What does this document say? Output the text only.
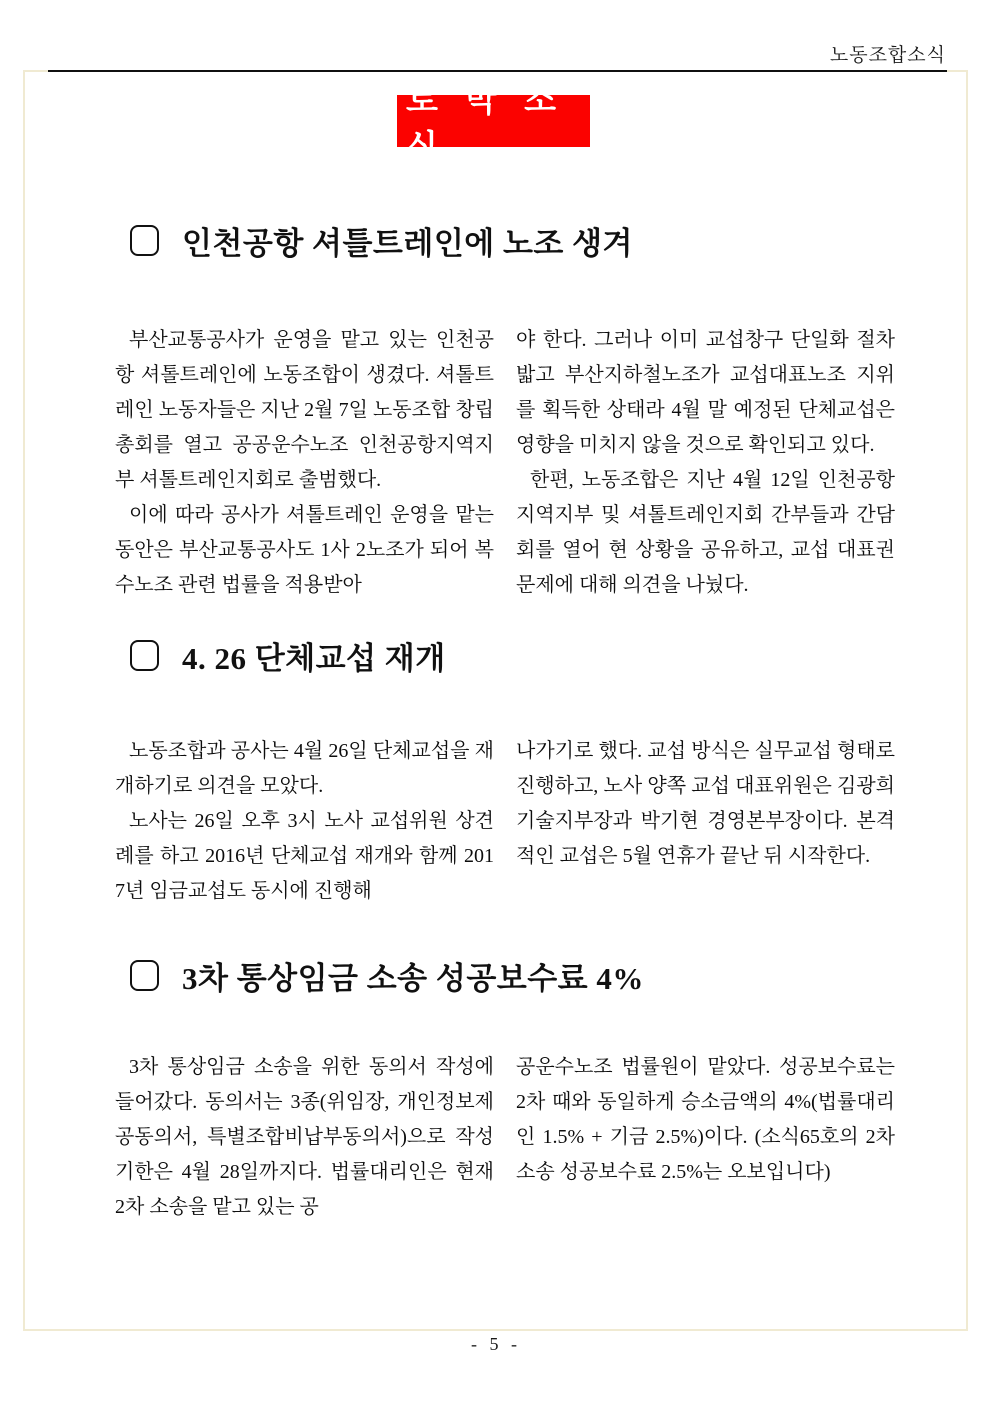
노동조합소식
토 막 소 식
인천공항 셔틀트레인에 노조 생겨

부산교통공사가 운영을 맡고 있는 인천공항 셔톨트레인에 노동조합이 생겼다. 셔톨트레인 노동자들은 지난 2월 7일 노동조합 창립총회를 열고 공공운수노조 인천공항지역지부 셔톨트레인지회로 출범했다.

이에 따라 공사가 셔톨트레인 운영을 맡는 동안은 부산교통공사도 1사 2노조가 되어 복수노조 관련 법률을 적용받아

야 한다. 그러나 이미 교섭창구 단일화 절차 밟고 부산지하철노조가 교섭대표노조 지위를 획득한 상태라 4월 말 예정된 단체교섭은 영향을 미치지 않을 것으로 확인되고 있다.

한편, 노동조합은 지난 4월 12일 인천공항지역지부 및 셔톨트레인지회 간부들과 간담회를 열어 현 상황을 공유하고, 교섭 대표권 문제에 대해 의견을 나눴다.

4. 26 단체교섭 재개

노동조합과 공사는 4월 26일 단체교섭을 재개하기로 의견을 모았다.

노사는 26일 오후 3시 노사 교섭위원 상견례를 하고 2016년 단체교섭 재개와 함께 2017년 임금교섭도 동시에 진행해

나가기로 했다. 교섭 방식은 실무교섭 형태로 진행하고, 노사 양쪽 교섭 대표위원은 김광희 기술지부장과 박기현 경영본부장이다. 본격적인 교섭은 5월 연휴가 끝난 뒤 시작한다.

3차 통상임금 소송 성공보수료 4%

3차 통상임금 소송을 위한 동의서 작성에 들어갔다. 동의서는 3종(위임장, 개인정보제공동의서, 특별조합비납부동의서)으로 작성기한은 4월 28일까지다. 법률대리인은 현재 2차 소송을 맡고 있는 공

공운수노조 법률원이 맡았다. 성공보수료는 2차 때와 동일하게 승소금액의 4%(법률대리인 1.5% + 기금 2.5%)이다. (소식65호의 2차소송 성공보수료 2.5%는 오보입니다)

- 5 -
